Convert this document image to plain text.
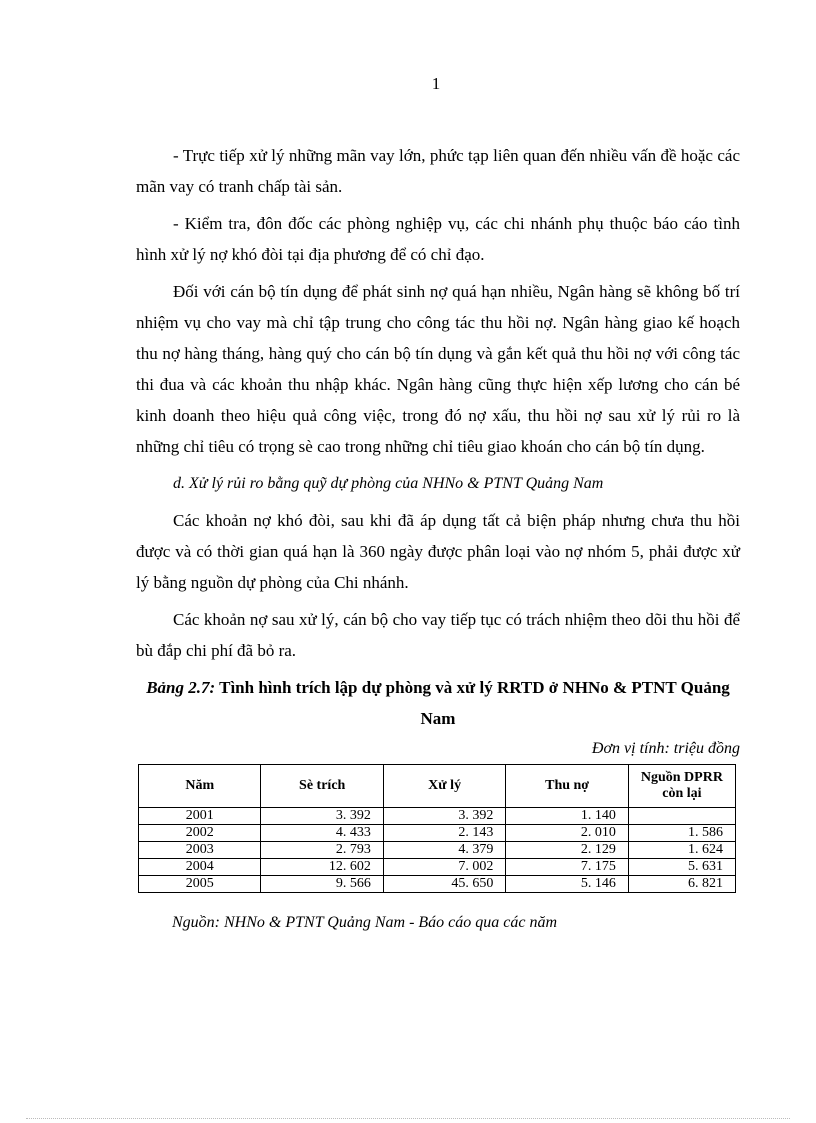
1

- Trực tiếp xử lý những mãn vay lớn, phức tạp liên quan đến nhiều vấn đề hoặc các mãn vay có tranh chấp tài sản.

- Kiểm tra, đôn đốc các phòng nghiệp vụ, các chi nhánh phụ thuộc báo cáo tình hình xử lý nợ khó đòi tại địa phương để có chỉ đạo.

Đối với cán bộ tín dụng để phát sinh nợ quá hạn nhiều, Ngân hàng sẽ không bố trí nhiệm vụ cho vay mà chỉ tập trung cho công tác thu hồi nợ. Ngân hàng giao kế hoạch thu nợ hàng tháng, hàng quý cho cán bộ tín dụng và gắn kết quả thu hồi nợ với công tác thi đua và các khoản thu nhập khác. Ngân hàng cũng thực hiện xếp lương cho cán bé kinh doanh theo hiệu quả công việc, trong đó nợ xấu, thu hồi nợ sau xử lý rủi ro là những chỉ tiêu có trọng sè cao trong những chỉ tiêu giao khoán cho cán bộ tín dụng.

d. Xử lý rủi ro bằng quỹ dự phòng của NHNo & PTNT Quảng Nam

Các khoản nợ khó đòi, sau khi đã áp dụng tất cả biện pháp nhưng chưa thu hồi được và có thời gian quá hạn là 360 ngày được phân loại vào nợ nhóm 5, phải được xử lý bằng nguồn dự phòng của Chi nhánh.

Các khoản nợ sau xử lý, cán bộ cho vay tiếp tục có trách nhiệm theo dõi thu hồi để bù đắp chi phí đã bỏ ra.

Bảng 2.7: Tình hình trích lập dự phòng và xử lý RRTD ở NHNo & PTNT Quảng Nam
Đơn vị tính: triệu đồng
Năm	Sè trích	Xử lý	Thu nợ	Nguồn DPRR còn lại
2001	3. 392	3. 392	1. 140	
2002	4. 433	2. 143	2. 010	1. 586
2003	2. 793	4. 379	2. 129	1. 624
2004	12. 602	7. 002	7. 175	5. 631
2005	9. 566	45. 650	5. 146	6. 821
Nguồn: NHNo & PTNT Quảng Nam - Báo cáo qua các năm
